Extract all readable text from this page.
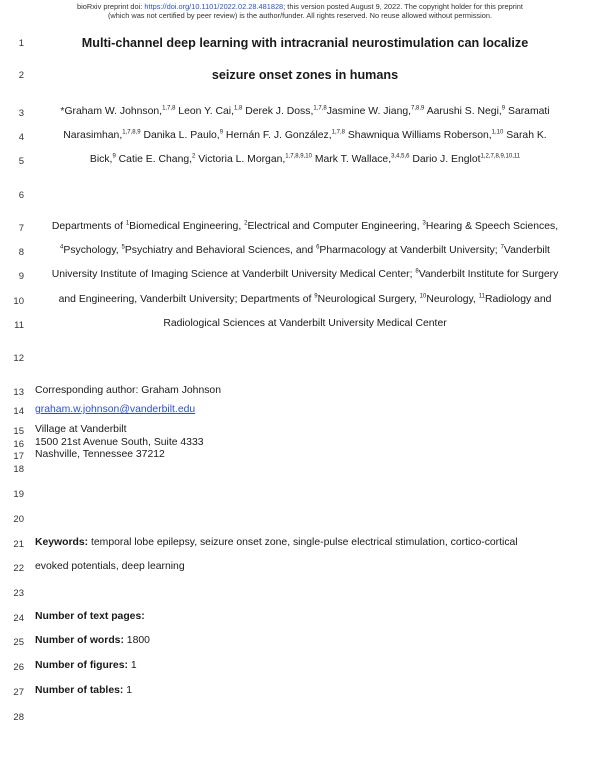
bioRxiv preprint doi: https://doi.org/10.1101/2022.02.28.481828; this version posted August 9, 2022. The copyright holder for this preprint
(which was not certified by peer review) is the author/funder. All rights reserved. No reuse allowed without permission.
1
2
3
4
5
6
7
8
9
10
11
12
13
14
15
16
17
18
19
20
21
22
23
24
25
26
27
28
Multi-channel deep learning with intracranial neurostimulation can localize
seizure onset zones in humans
*Graham W. Johnson,$^{1,7,8}$ Leon Y. Cai,$^{1,8}$ Derek J. Doss,$^{1,7,8}$Jasmine W. Jiang,$^{7,8,9}$ Aarushi S. Negi,$^9$ Saramati
Narasimhan,$^{1,7,8,9}$ Danika L. Paulo,$^9$ Hernán F. J. González,$^{1,7,8}$ Shawniqua Williams Roberson,$^{1,10}$ Sarah K.
Bick,$^9$ Catie E. Chang,$^2$ Victoria L. Morgan,$^{1,7,8,9,10}$ Mark T. Wallace,$^{3,4,5,6}$ Dario J. Englot$^{1,2,7,8,9,10,11}$
Departments of $^1$Biomedical Engineering, $^2$Electrical and Computer Engineering, $^3$Hearing & Speech Sciences,
$^4$Psychology, $^5$Psychiatry and Behavioral Sciences, and $^6$Pharmacology at Vanderbilt University; $^7$Vanderbilt
University Institute of Imaging Science at Vanderbilt University Medical Center; $^8$Vanderbilt Institute for Surgery
and Engineering, Vanderbilt University; Departments of $^9$Neurological Surgery, $^{10}$Neurology, $^{11}$Radiology and
Radiological Sciences at Vanderbilt University Medical Center
Corresponding author: Graham Johnson
graham.w.johnson@vanderbilt.edu
Village at Vanderbilt
1500 21st Avenue South, Suite 4333
Nashville, Tennessee 37212
Keywords: temporal lobe epilepsy, seizure onset zone, single-pulse electrical stimulation, cortico-cortical
evoked potentials, deep learning
Number of text pages:
Number of words: 1800
Number of figures: 1
Number of tables: 1
